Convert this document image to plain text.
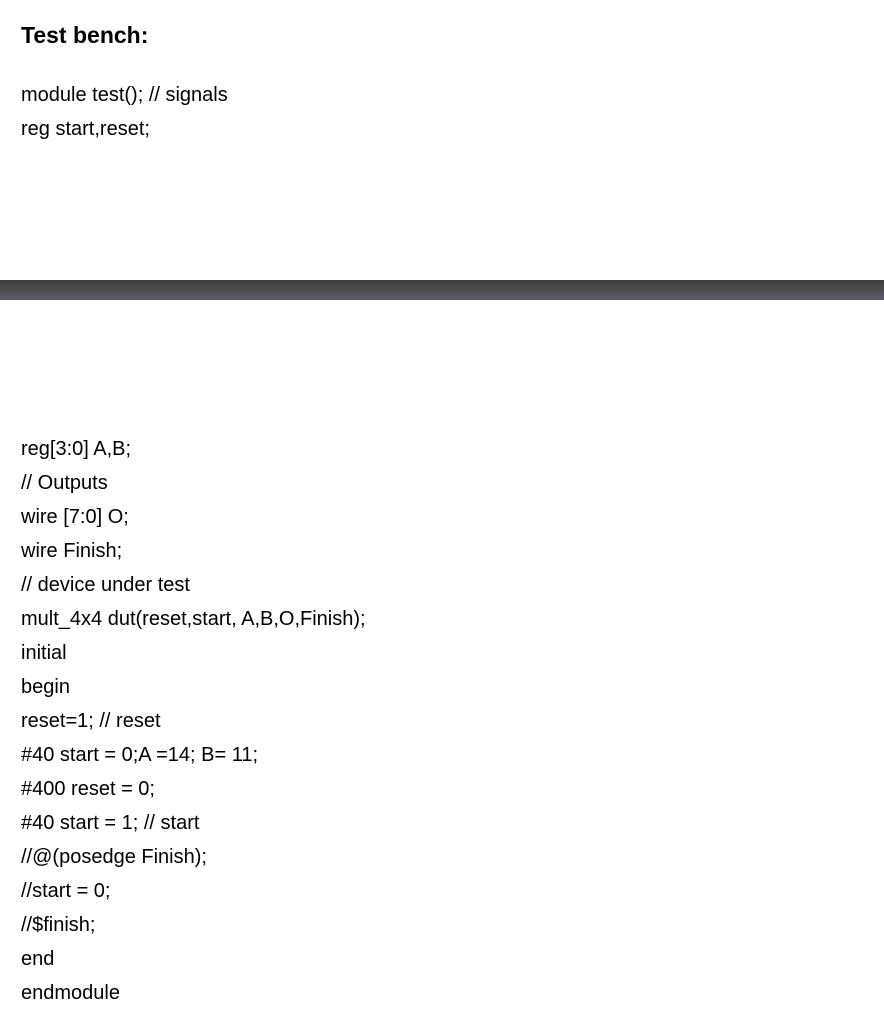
Test bench:
module test(); // signals
reg start,reset;
reg[3:0] A,B;
// Outputs
wire [7:0] O;
wire Finish;
// device under test
mult_4x4 dut(reset,start, A,B,O,Finish);
initial
begin
reset=1; // reset
#40 start = 0;A =14; B= 11;
#400 reset = 0;
#40 start = 1; // start
//@(posedge Finish);
//start = 0;
//$finish;
end
endmodule
